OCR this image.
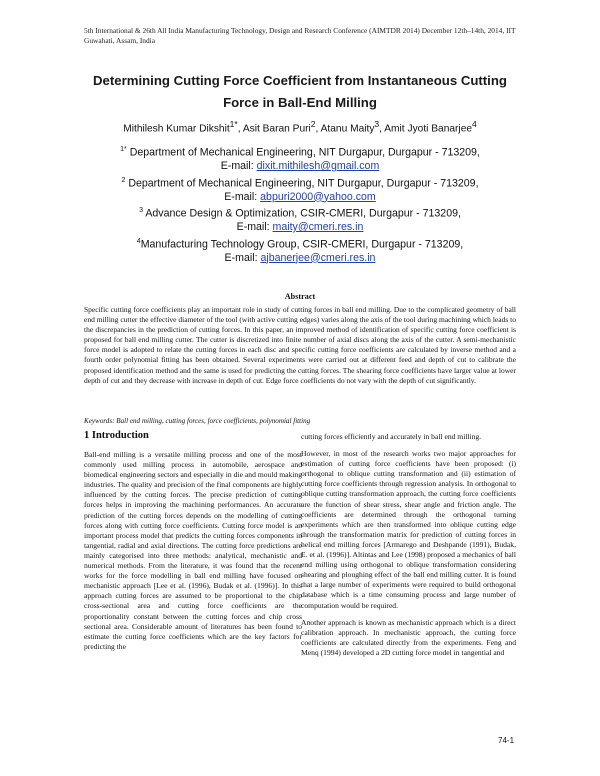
5th International & 26th All India Manufacturing Technology, Design and Research Conference (AIMTDR 2014) December 12th–14th, 2014, IIT Guwahati, Assam, India
Determining Cutting Force Coefficient from Instantaneous Cutting
Force in Ball-End Milling
Mithilesh Kumar Dikshit$^{1*}$, Asit Baran Puri$^2$, Atanu Maity$^3$, Amit Jyoti Banarjee$^4$
$^{1*}$ Department of Mechanical Engineering, NIT Durgapur, Durgapur - 713209,
E-mail: dixit.mithilesh@gmail.com
$^2$ Department of Mechanical Engineering, NIT Durgapur, Durgapur - 713209,
E-mail: abpuri2000@yahoo.com
$^3$ Advance Design & Optimization, CSIR-CMERI, Durgapur - 713209,
E-mail: maity@cmeri.res.in
$^4$Manufacturing Technology Group, CSIR-CMERI, Durgapur - 713209,
E-mail: ajbanerjee@cmeri.res.in
Abstract
Specific cutting force coefficients play an important role in study of cutting forces in ball end milling. Due to the complicated geometry of ball end milling cutter the effective diameter of the tool (with active cutting edges) varies along the axis of the tool during machining which leads to the discrepancies in the prediction of cutting forces. In this paper, an improved method of identification of specific cutting force coefficient is proposed for ball end milling cutter. The cutter is discretized into finite number of axial discs along the axis of the cutter. A semi-mechanistic force model is adopted to relate the cutting forces in each disc and specific cutting force coefficients are calculated by inverse method and a fourth order polynomial fitting has been obtained. Several experiments were carried out at different feed and depth of cut to calibrate the proposed identification method and the same is used for predicting the cutting forces. The shearing force coefficients have larger value at lower depth of cut and they decrease with increase in depth of cut. Edge force coefficients do not vary with the depth of cut significantly.
Keywords: Ball end milling, cutting forces, force coefficients, polynomial fitting
1 Introduction

Ball-end milling is a versatile milling process and one of the most commonly used milling process in automobile, aerospace and biomedical engineering sectors and especially in die and mould making industries. The quality and precision of the final components are highly influenced by the cutting forces. The precise prediction of cutting forces helps in improving the machining performances. An accurate prediction of the cutting forces depends on the modelling of cutting forces along with cutting force coefficients. Cutting force model is an important process model that predicts the cutting forces components in tangential, radial and axial directions. The cutting force predictions are mainly categorised into three methods: analytical, mechanistic and numerical methods. From the literature, it was found that the recent works for the force modelling in ball end milling have focused on mechanistic approach [Lee et al. (1996), Budak et al. (1996)]. In this approach cutting forces are assumed to be proportional to the chip cross-sectional area and cutting force coefficients are the proportionality constant between the cutting forces and chip cross sectional area. Considerable amount of literatures has been found to estimate the cutting force coefficients which are the key factors for predicting the

cutting forces efficiently and accurately in ball end milling.

However, in most of the research works two major approaches for estimation of cutting force coefficients have been proposed: (i) orthogonal to oblique cutting transformation and (ii) estimation of cutting force coefficients through regression analysis. In orthogonal to oblique cutting transformation approach, the cutting force coefficients are the function of shear stress, shear angle and friction angle. The coefficients are determined through the orthogonal turning experiments which are then transformed into oblique cutting edge through the transformation matrix for prediction of cutting forces in helical end milling forces [Armarego and Deshpande (1991), Budak, E. et al. (1996)]. Altintas and Lee (1998) proposed a mechanics of ball end milling using orthogonal to oblique transformation considering shearing and ploughing effect of the ball end milling cutter. It is found that a large number of experiments were required to build orthogonal database which is a time consuming process and large number of computation would be required.

Another approach is known as mechanistic approach which is a direct calibration approach. In mechanistic approach, the cutting force coefficients are calculated directly from the experiments. Feng and Menq (1994) developed a 2D cutting force model in tangential and

74-1
